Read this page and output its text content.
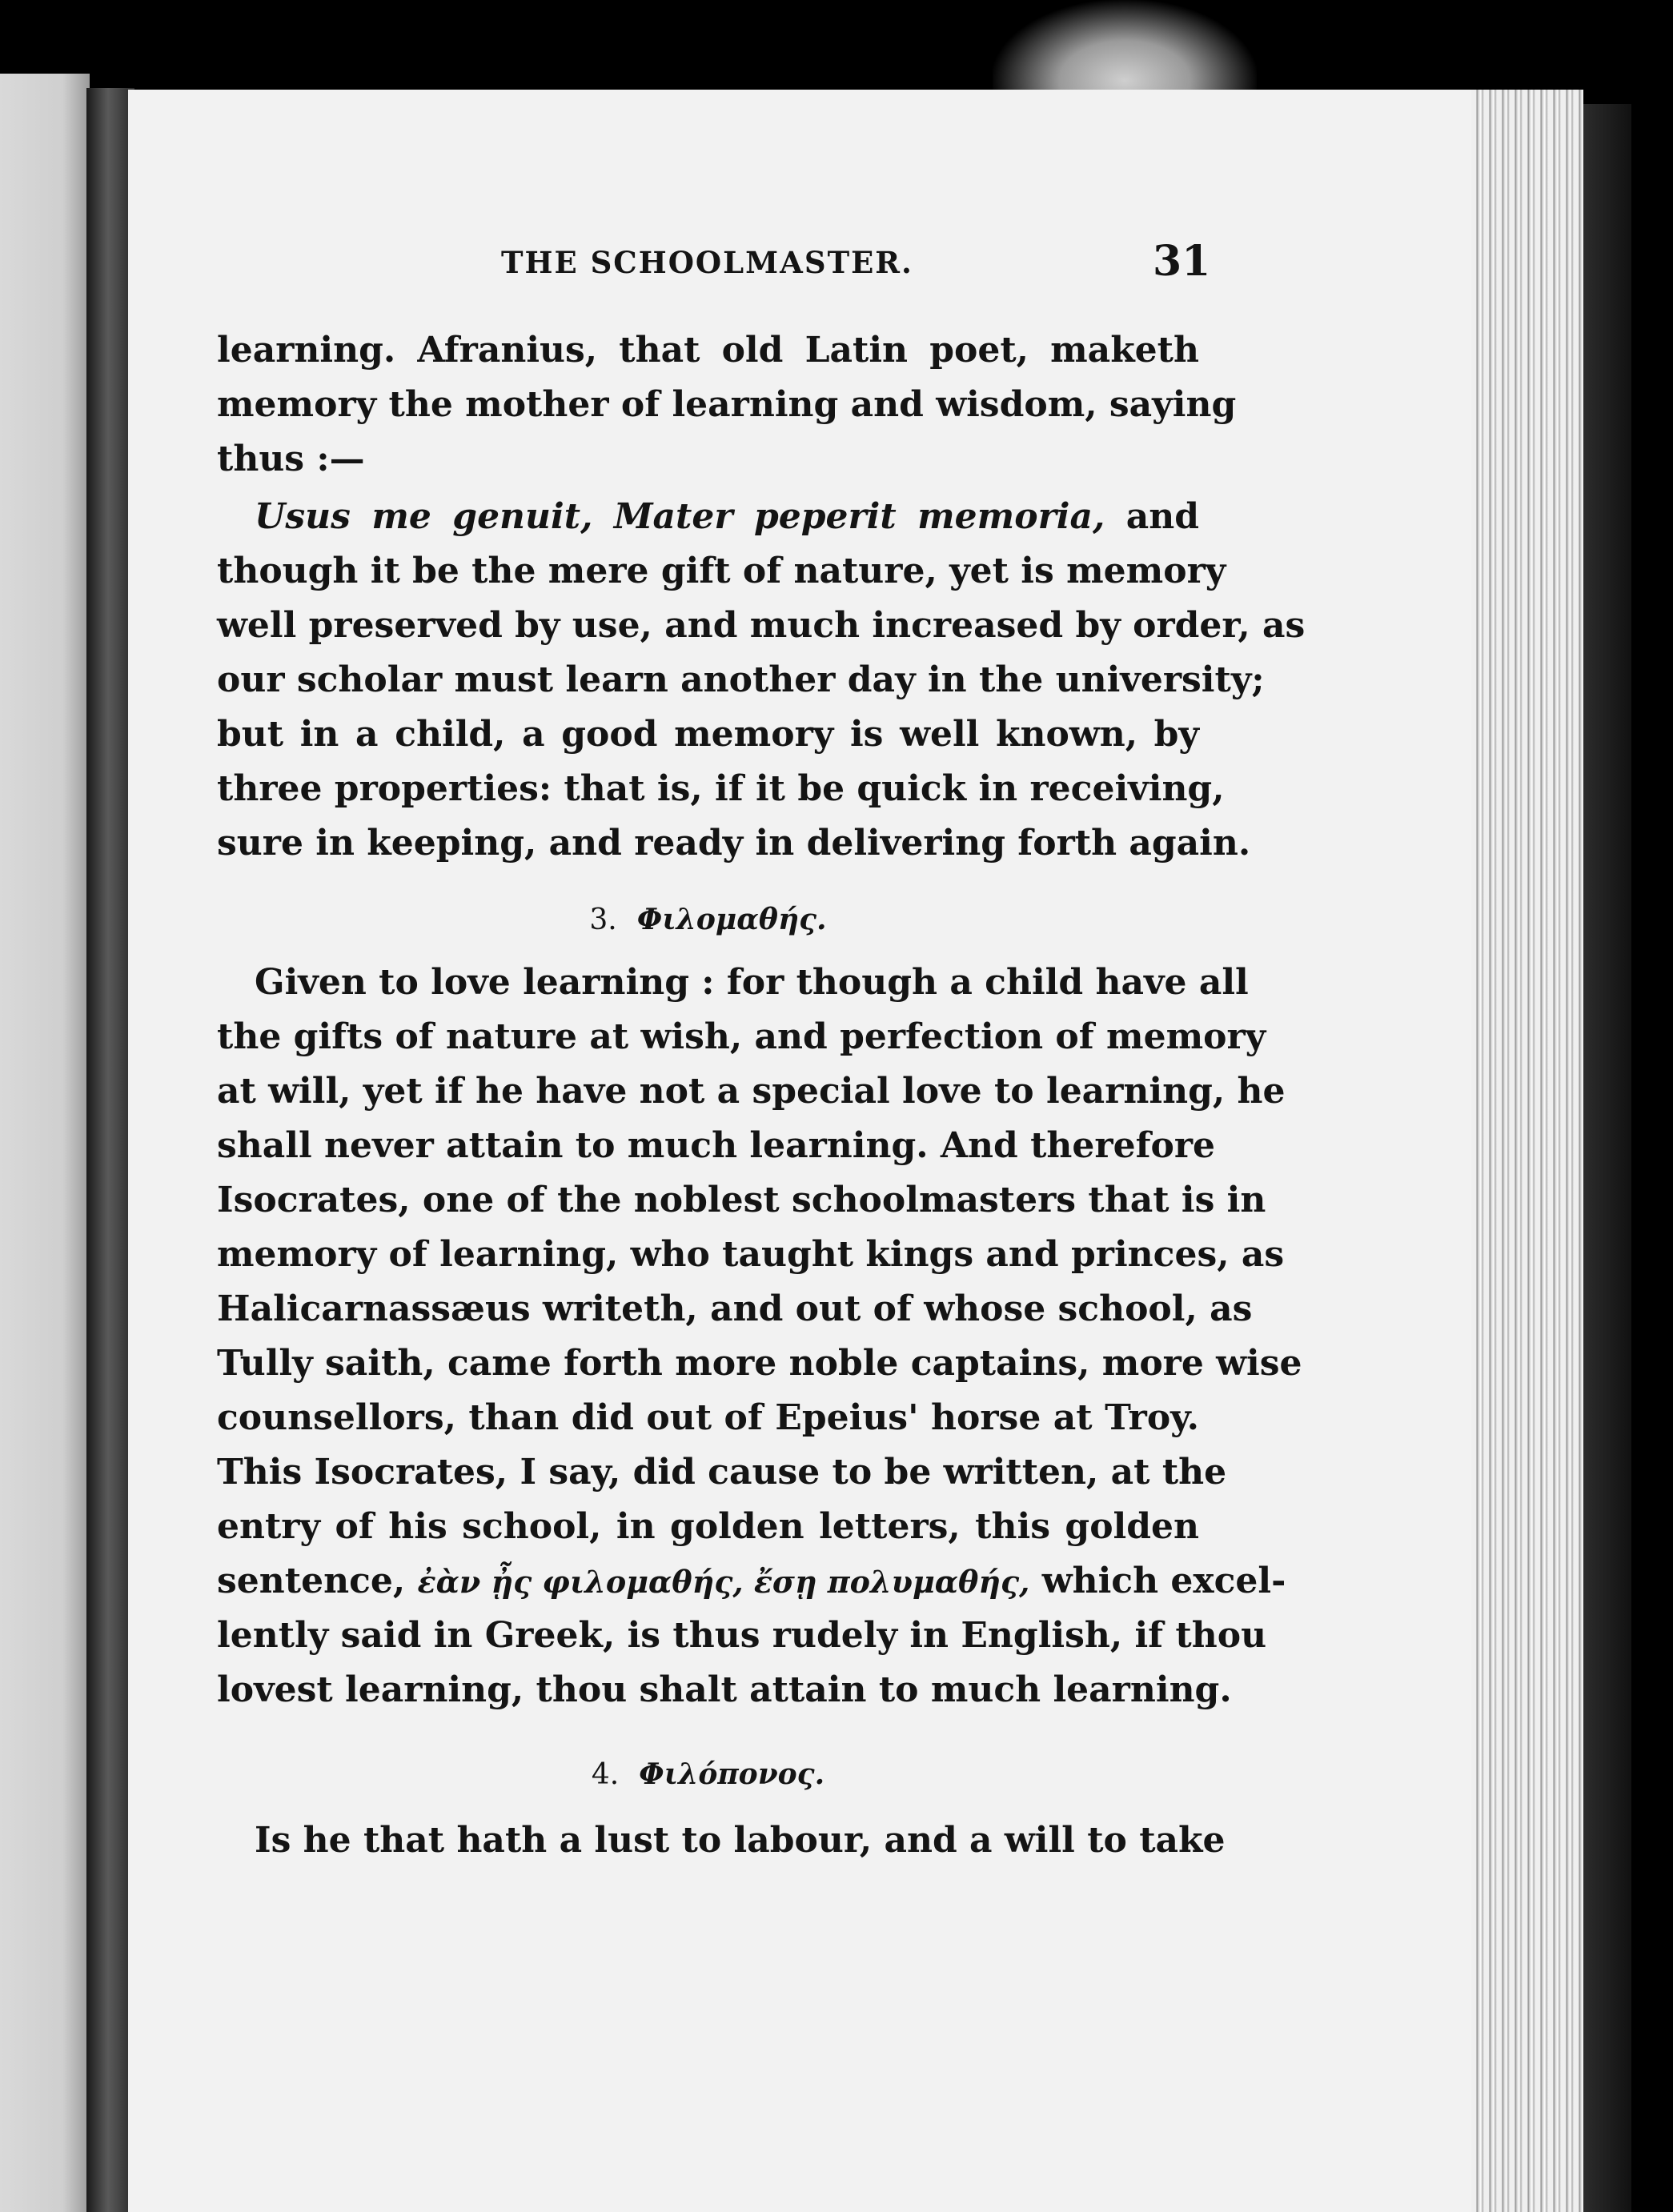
THE SCHOOLMASTER.	31
learning. Afranius, that old Latin poet, maketh
memory the mother of learning and wisdom, saying
thus :—
Usus me genuit, Mater peperit memoria, and
though it be the mere gift of nature, yet is memory
well preserved by use, and much increased by order, as
our scholar must learn another day in the university;
but in a child, a good memory is well known, by
three properties: that is, if it be quick in receiving,
sure in keeping, and ready in delivering forth again.
3. Φιλομαθής.
Given to love learning : for though a child have all
the gifts of nature at wish, and perfection of memory
at will, yet if he have not a special love to learning, he
shall never attain to much learning. And therefore
Isocrates, one of the noblest schoolmasters that is in
memory of learning, who taught kings and princes, as
Halicarnassæus writeth, and out of whose school, as
Tully saith, came forth more noble captains, more wise
counsellors, than did out of Epeius' horse at Troy.
This Isocrates, I say, did cause to be written, at the
entry of his school, in golden letters, this golden
sentence, ἐὰν ᾖς φιλομαθής, ἔσῃ πολυμαθής, which excel-
lently said in Greek, is thus rudely in English, if thou
lovest learning, thou shalt attain to much learning.
4. Φιλόπονος.
Is he that hath a lust to labour, and a will to take
